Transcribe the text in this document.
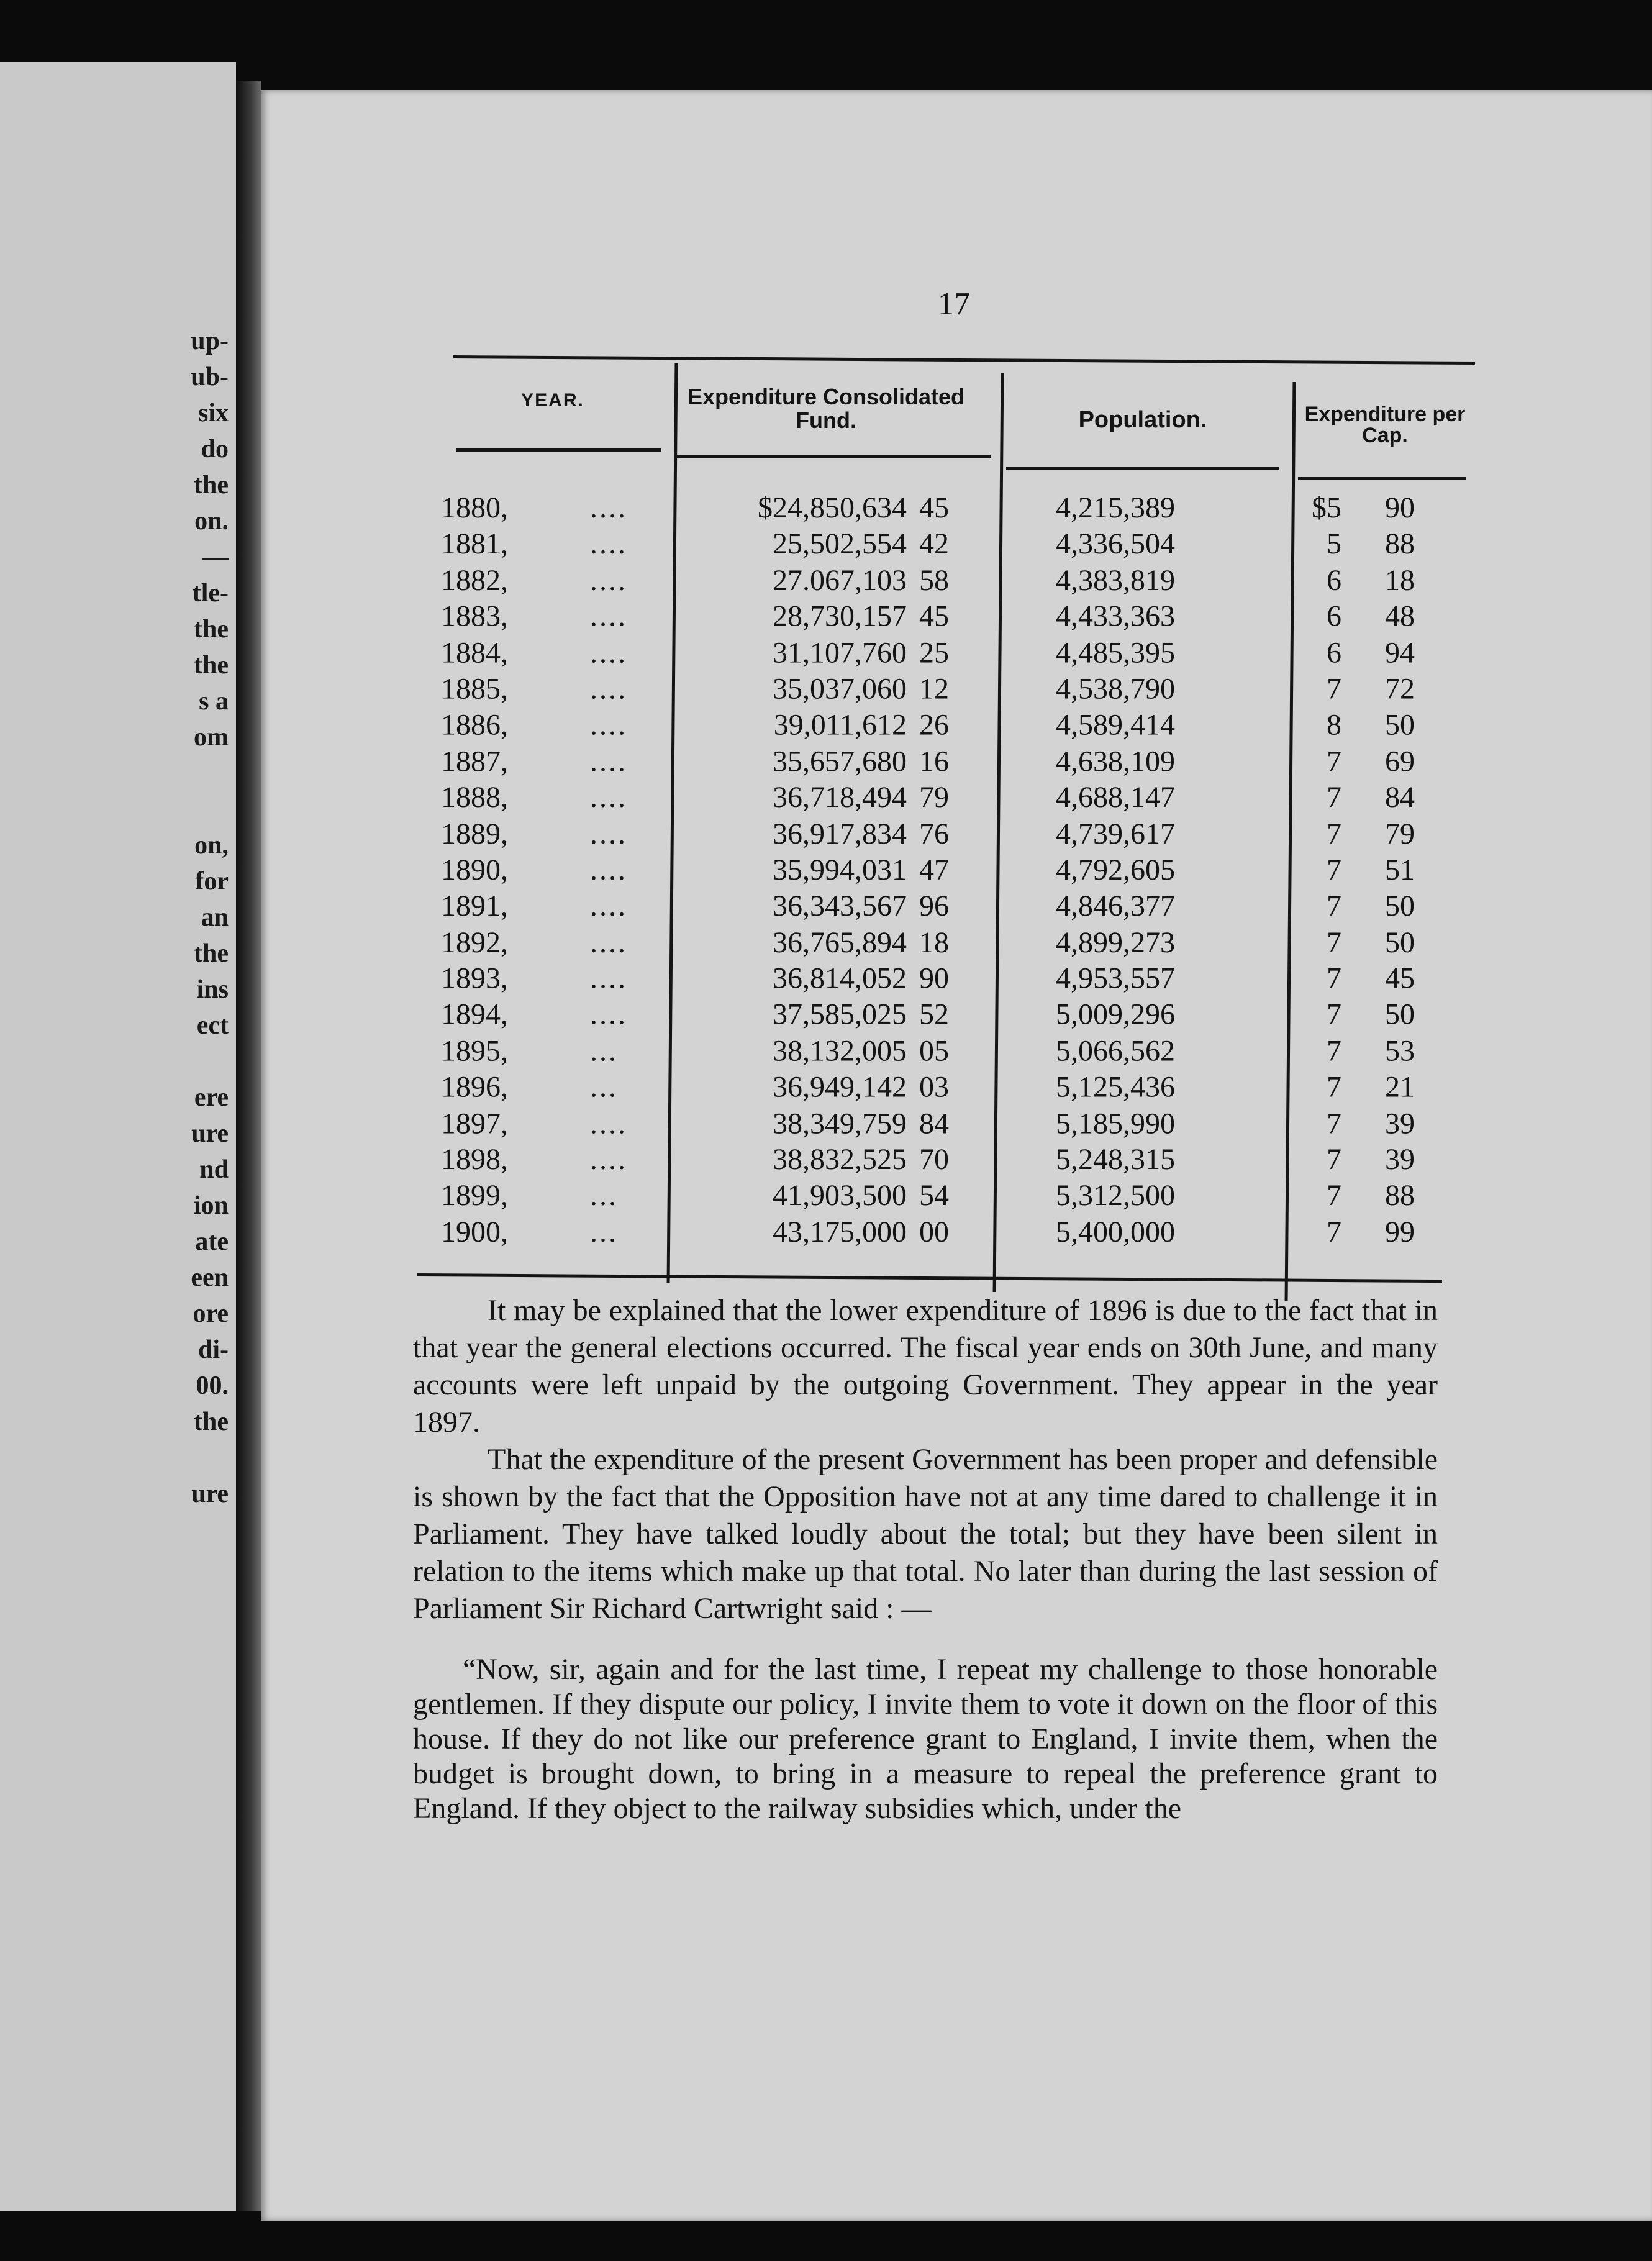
up-
ub-
six
do
the
on.
—
tle-
the
the
s a
om
on,
for
an
the
ins
ect
ere
ure
nd
ion
ate
een
ore
di-
00.
the
ure
17
YEAR.	Expenditure Consolidated Fund.	Population.	Expenditure per Cap.
1880,	....	$24,850,634 45	4,215,389	$5 90
1881,	....	25,502,554 42	4,336,504	5 88
1882,	....	27.067,103 58	4,383,819	6 18
1883,	....	28,730,157 45	4,433,363	6 48
1884,	....	31,107,760 25	4,485,395	6 94
1885,	....	35,037,060 12	4,538,790	7 72
1886,	....	39,011,612 26	4,589,414	8 50
1887,	....	35,657,680 16	4,638,109	7 69
1888,	....	36,718,494 79	4,688,147	7 84
1889,	....	36,917,834 76	4,739,617	7 79
1890,	....	35,994,031 47	4,792,605	7 51
1891,	....	36,343,567 96	4,846,377	7 50
1892,	....	36,765,894 18	4,899,273	7 50
1893,	....	36,814,052 90	4,953,557	7 45
1894,	....	37,585,025 52	5,009,296	7 50
1895,	...	38,132,005 05	5,066,562	7 53
1896,	...	36,949,142 03	5,125,436	7 21
1897,	....	38,349,759 84	5,185,990	7 39
1898,	....	38,832,525 70	5,248,315	7 39
1899,	...	41,903,500 54	5,312,500	7 88
1900,	...	43,175,000 00	5,400,000	7 99

It may be explained that the lower expenditure of 1896 is due to the fact that in that year the general elections occurred. The fiscal year ends on 30th June, and many accounts were left unpaid by the outgoing Government. They appear in the year 1897.

That the expenditure of the present Government has been proper and defensible is shown by the fact that the Opposition have not at any time dared to challenge it in Parliament. They have talked loudly about the total; but they have been silent in relation to the items which make up that total. No later than during the last session of Parliament Sir Richard Cartwright said : —

“Now, sir, again and for the last time, I repeat my challenge to those honorable gentlemen. If they dispute our policy, I invite them to vote it down on the floor of this house. If they do not like our preference grant to England, I invite them, when the budget is brought down, to bring in a measure to repeal the preference grant to England. If they object to the railway subsidies which, under the
